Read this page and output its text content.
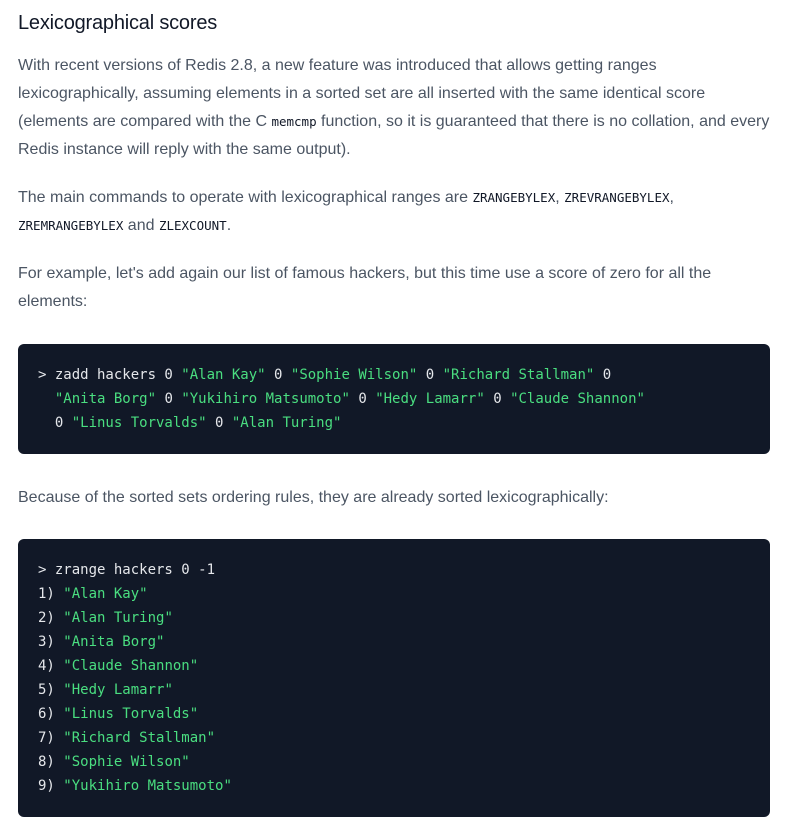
Lexicographical scores

With recent versions of Redis 2.8, a new feature was introduced that allows getting ranges lexicographically, assuming elements in a sorted set are all inserted with the same identical score (elements are compared with the C memcmp function, so it is guaranteed that there is no collation, and every Redis instance will reply with the same output).

The main commands to operate with lexicographical ranges are ZRANGEBYLEX, ZREVRANGEBYLEX,
ZREMRANGEBYLEX and ZLEXCOUNT.

For example, let's add again our list of famous hackers, but this time use a score of zero for all the elements:

> zadd hackers 0 "Alan Kay" 0 "Sophie Wilson" 0 "Richard Stallman" 0
"Anita Borg" 0 "Yukihiro Matsumoto" 0 "Hedy Lamarr" 0 "Claude Shannon"
0 "Linus Torvalds" 0 "Alan Turing"

Because of the sorted sets ordering rules, they are already sorted lexicographically:

> zrange hackers 0 -1
1) "Alan Kay"
2) "Alan Turing"
3) "Anita Borg"
4) "Claude Shannon"
5) "Hedy Lamarr"
6) "Linus Torvalds"
7) "Richard Stallman"
8) "Sophie Wilson"
9) "Yukihiro Matsumoto"
